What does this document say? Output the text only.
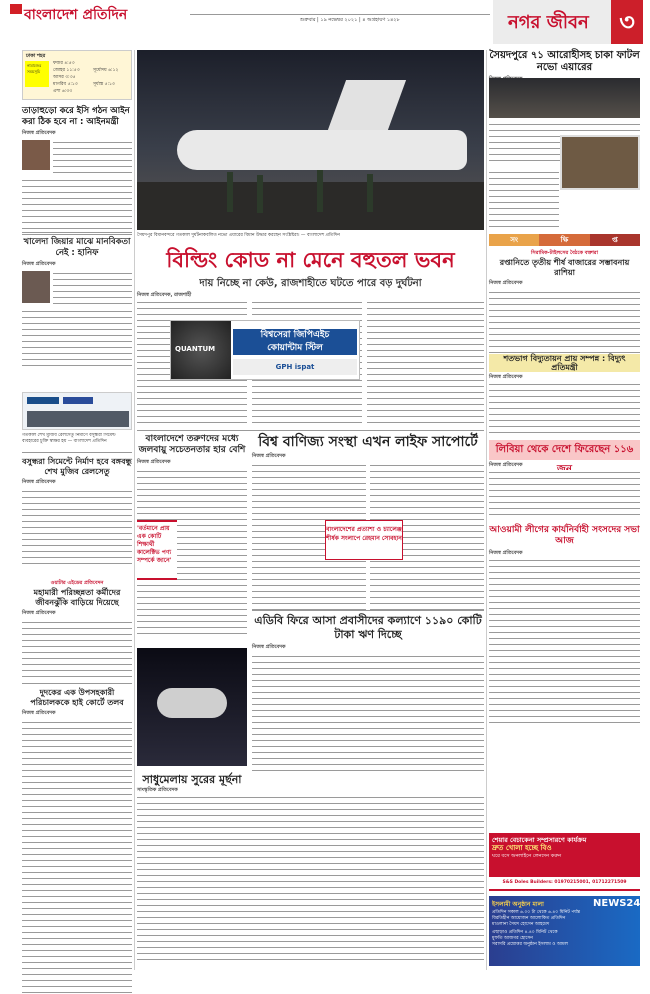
বাংলাদেশ প্রতিদিন	শুক্রবার | ১৯ নভেম্বর ২০২১ | ৪ অগ্রহায়ণ ১৪২৮	নগর জীবন	৩
ঢাকা শহর
নামাজের সময়সূচি
ফজর ৪:৫৩
জোহর ১১:৫৩
আসর ৩:৩৫
মাগরিব ৫:১৩
এশা ৬:৩৩
সূর্যোদয় ৬:১২
সূর্যাস্ত ৫:১৩
তাড়াহুড়ো করে ইসি গঠন আইন করা ঠিক হবে না : আইনমন্ত্রী
নিজস্ব প্রতিবেদক
খালেদা জিয়ার মাঝে মানবিকতা নেই : হানিফ
নিজস্ব প্রতিবেদক
গতকাল শেখ মুজিব রেলসেতু নির্মাণে বসুন্ধরা সিমেন্ট ব্যবহারের চুক্তি স্বাক্ষর হয় — বাংলাদেশ প্রতিদিন
বসুন্ধরা সিমেন্টে নির্মাণ হবে বঙ্গবন্ধু শেখ মুজিব রেলসেতু
নিজস্ব প্রতিবেদক
ওয়াটার এইডের প্রতিবেদন
মহামারী পরিচ্ছন্নতা কর্মীদের জীবনঝুঁকি বাড়িয়ে দিয়েছে
নিজস্ব প্রতিবেদক
দুদকের এক উপসহকারী পরিচালককে হাই কোর্টে তলব
নিজস্ব প্রতিবেদক
সৈয়দপুর বিমানবন্দরে গতকাল দুর্ঘটনাকবলিত নভো এয়ারের বিমান উদ্ধার করছেন সংশ্লিষ্টরা। — বাংলাদেশ প্রতিদিন
বিল্ডিং কোড না মেনে বহুতল ভবন
দায় নিচ্ছে না কেউ, রাজশাহীতে ঘটতে পারে বড় দুর্ঘটনা
নিজস্ব প্রতিবেদক, রাজশাহী
QUANTUM
বিশ্বসেরা জিপিএইচ
কোয়ান্টাম স্টিল
GPH ispat
বাংলাদেশে তরুণদের মধ্যে জলবায়ু সচেতনতার হার বেশি
নিজস্ব প্রতিবেদক
'বর্তমানে প্রায় এক কোটি শিক্ষার্থী কালেক্টিভ পণ্য সম্পর্কে জানে'
বিশ্ব বাণিজ্য সংস্থা এখন লাইফ সাপোর্টে
নিজস্ব প্রতিবেদক
বাংলাদেশের প্রত্যাশা ও চ্যালেঞ্জ শীর্ষক সংলাপে রেহমান সোবহান
এডিবি ফিরে আসা প্রবাসীদের কল্যাণে ১১৯০ কোটি টাকা ঋণ দিচ্ছে
নিজস্ব প্রতিবেদক
সাধুমেলায় সুরের মূর্ছনা
সাংস্কৃতিক প্রতিবেদক
সৈয়দপুরে ৭১ আরোহীসহ চাকা ফাটল নভো এয়ারের
সং	ক্ষি	প্ত
সিরামিক-টাইলসের বৈঠকে বক্তারা
রপ্তানিতে তৃতীয় শীর্ষ বাজারের সম্ভাবনায় রাশিয়া
নিজস্ব প্রতিবেদক
শতভাগ বিদ্যুতায়ন প্রায় সম্পন্ন : বিদ্যুৎ প্রতিমন্ত্রী
নিজস্ব প্রতিবেদক
লিবিয়া থেকে দেশে ফিরেছেন ১১৬
নিজস্ব প্রতিবেদক
আওয়ামী লীগের কার্যনির্বাহী সংসদের সভা আজ
নিজস্ব প্রতিবেদক
শেয়ার বেচাকেনা সম্প্রসারণে কার্যক্রম
দ্রুত খোলা হচ্ছে বিও
ঘরে বসে অনলাইনে লেনদেন করুন
S&S Doles Builders: 01970215001, 01712271509
ইসলামী অনুষ্ঠান মালা	NEWS24
প্রতিদিন সকাল ৬.০০ টা থেকে ৬.৪০ মিনিট পর্যন্ত
বিরতিহীন আয়োজন আলোকিত প্রতিদিন
মাওলানা সৈয়দ হোসেন আহমেদ
এছাড়াও প্রতিদিন ৪.৪০ মিনিট থেকে
মুফতি আজগর হোসেন
সরাসরি প্রশ্নোত্তর অনুষ্ঠান ইসলাম ও আমল
